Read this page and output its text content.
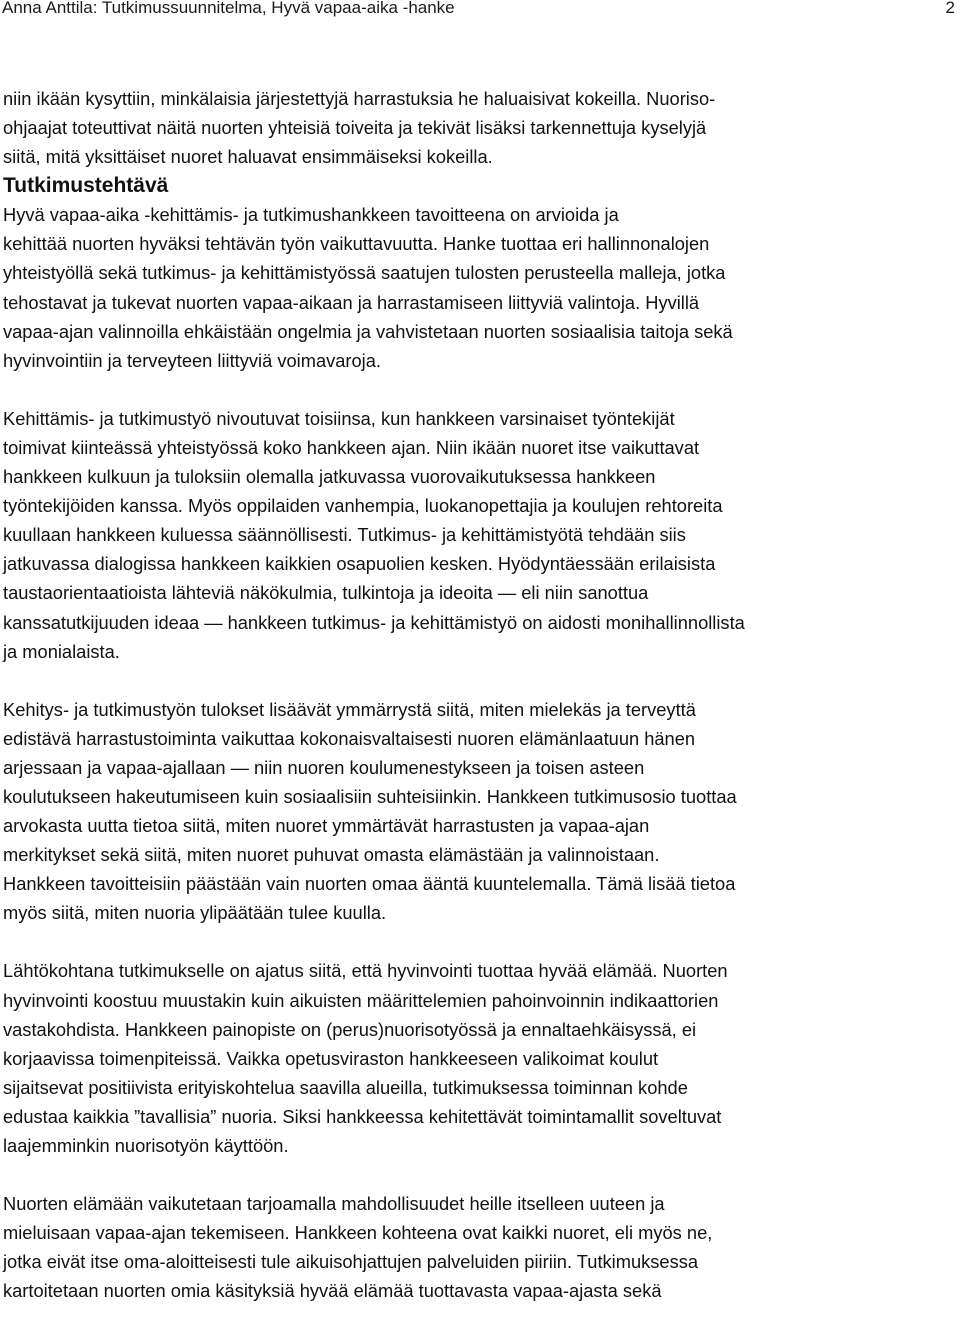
Anna Anttila: Tutkimussuunnitelma, Hyvä vapaa-aika -hanke	2

niin ikään kysyttiin, minkälaisia järjestettyjä harrastuksia he haluaisivat kokeilla. Nuoriso-
ohjaajat toteuttivat näitä nuorten yhteisiä toiveita ja tekivät lisäksi tarkennettuja kyselyjä
siitä, mitä yksittäiset nuoret haluavat ensimmäiseksi kokeilla.

Tutkimustehtävä

Hyvä vapaa-aika -kehittämis- ja tutkimushankkeen tavoitteena on arvioida ja
kehittää nuorten hyväksi tehtävän työn vaikuttavuutta. Hanke tuottaa eri hallinnonalojen
yhteistyöllä sekä tutkimus- ja kehittämistyössä saatujen tulosten perusteella malleja, jotka
tehostavat ja tukevat nuorten vapaa-aikaan ja harrastamiseen liittyviä valintoja. Hyvillä
vapaa-ajan valinnoilla ehkäistään ongelmia ja vahvistetaan nuorten sosiaalisia taitoja sekä
hyvinvointiin ja terveyteen liittyviä voimavaroja.

Kehittämis- ja tutkimustyö nivoutuvat toisiinsa, kun hankkeen varsinaiset työntekijät
toimivat kiinteässä yhteistyössä koko hankkeen ajan. Niin ikään nuoret itse vaikuttavat
hankkeen kulkuun ja tuloksiin olemalla jatkuvassa vuorovaikutuksessa hankkeen
työntekijöiden kanssa. Myös oppilaiden vanhempia, luokanopettajia ja koulujen rehtoreita
kuullaan hankkeen kuluessa säännöllisesti. Tutkimus- ja kehittämistyötä tehdään siis
jatkuvassa dialogissa hankkeen kaikkien osapuolien kesken. Hyödyntäessään erilaisista
taustaorientaatioista lähteviä näkökulmia, tulkintoja ja ideoita — eli niin sanottua
kanssatutkijuuden ideaa — hankkeen tutkimus- ja kehittämistyö on aidosti monihallinnollista
ja monialaista.

Kehitys- ja tutkimustyön tulokset lisäävät ymmärrystä siitä, miten mielekäs ja terveyttä
edistävä harrastustoiminta vaikuttaa kokonaisvaltaisesti nuoren elämänlaatuun hänen
arjessaan ja vapaa-ajallaan — niin nuoren koulumenestykseen ja toisen asteen
koulutukseen hakeutumiseen kuin sosiaalisiin suhteisiinkin. Hankkeen tutkimusosio tuottaa
arvokasta uutta tietoa siitä, miten nuoret ymmärtävät harrastusten ja vapaa-ajan
merkitykset sekä siitä, miten nuoret puhuvat omasta elämästään ja valinnoistaan.
Hankkeen tavoitteisiin päästään vain nuorten omaa ääntä kuuntelemalla. Tämä lisää tietoa
myös siitä, miten nuoria ylipäätään tulee kuulla.

Lähtökohtana tutkimukselle on ajatus siitä, että hyvinvointi tuottaa hyvää elämää. Nuorten
hyvinvointi koostuu muustakin kuin aikuisten määrittelemien pahoinvoinnin indikaattorien
vastakohdista. Hankkeen painopiste on (perus)nuorisotyössä ja ennaltaehkäisyssä, ei
korjaavissa toimenpiteissä. Vaikka opetusviraston hankkeeseen valikoimat koulut
sijaitsevat positiivista erityiskohtelua saavilla alueilla, tutkimuksessa toiminnan kohde
edustaa kaikkia ”tavallisia” nuoria. Siksi hankkeessa kehitettävät toimintamallit soveltuvat
laajemminkin nuorisotyön käyttöön.

Nuorten elämään vaikutetaan tarjoamalla mahdollisuudet heille itselleen uuteen ja
mieluisaan vapaa-ajan tekemiseen. Hankkeen kohteena ovat kaikki nuoret, eli myös ne,
jotka eivät itse oma-aloitteisesti tule aikuisohjattujen palveluiden piiriin. Tutkimuksessa
kartoitetaan nuorten omia käsityksiä hyvää elämää tuottavasta vapaa-ajasta sekä
